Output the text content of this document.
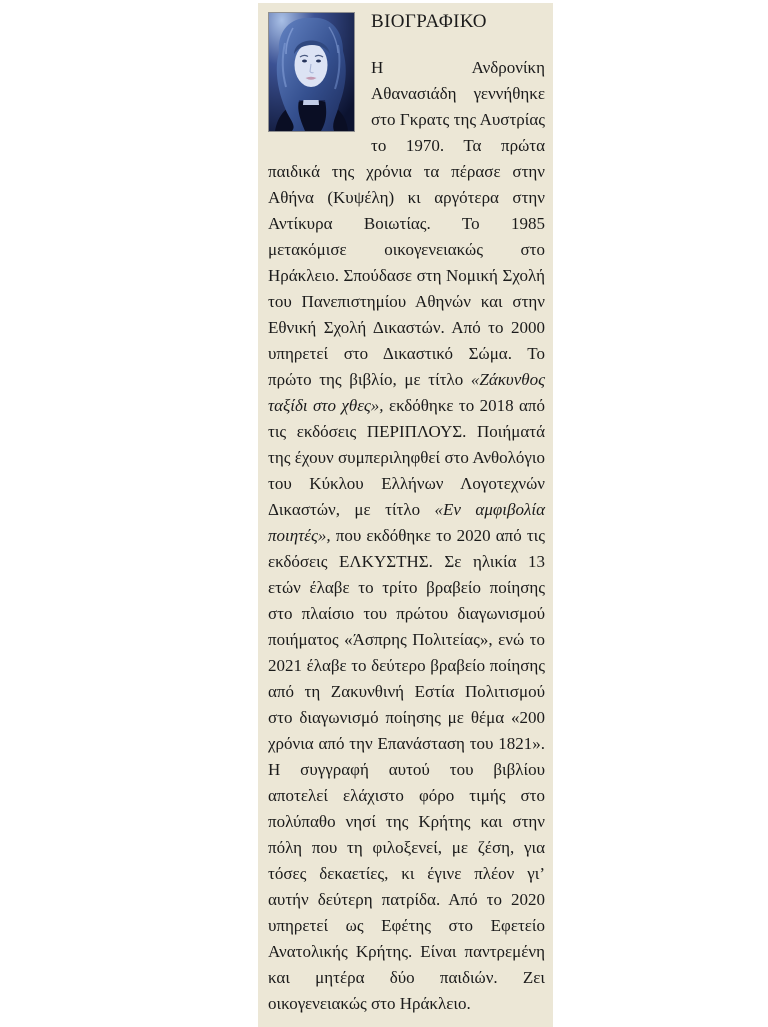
ΒΙΟΓΡΑΦΙΚΟ

Η Ανδρονίκη Αθανασιάδη γεννήθηκε στο Γκρατς της Αυστρίας το 1970. Τα πρώτα παιδικά της χρόνια τα πέρασε στην Αθήνα (Κυψέλη) κι αργότερα στην Αντίκυρα Βοιωτίας. Το 1985 μετακόμισε οικογενειακώς στο Ηράκλειο. Σπούδασε στη Νομική Σχολή του Πανεπιστημίου Αθηνών και στην Εθνική Σχολή Δικαστών. Από το 2000 υπηρετεί στο Δικαστικό Σώμα. Το πρώτο της βιβλίο, με τίτλο «Ζάκυνθος ταξίδι στο χθες», εκδόθηκε το 2018 από τις εκδόσεις ΠΕΡΙΠΛΟΥΣ. Ποιήματά της έχουν συμπεριληφθεί στο Ανθολόγιο του Κύκλου Ελλήνων Λογοτεχνών Δικαστών, με τίτλο «Εν αμφιβολία ποιητές», που εκδόθηκε το 2020 από τις εκδόσεις ΕΛΚΥΣΤΗΣ. Σε ηλικία 13 ετών έλαβε το τρίτο βραβείο ποίησης στο πλαίσιο του πρώτου διαγωνισμού ποιήματος «Άσπρης Πολιτείας», ενώ το 2021 έλαβε το δεύτερο βραβείο ποίησης από τη Ζακυνθινή Εστία Πολιτισμού στο διαγωνισμό ποίησης με θέμα «200 χρόνια από την Επανάσταση του 1821». Η συγγραφή αυτού του βιβλίου αποτελεί ελάχιστο φόρο τιμής στο πολύπαθο νησί της Κρήτης και στην πόλη που τη φιλοξενεί, με ζέση, για τόσες δεκαετίες, κι έγινε πλέον γι’ αυτήν δεύτερη πατρίδα. Από το 2020 υπηρετεί ως Εφέτης στο Εφετείο Ανατολικής Κρήτης. Είναι παντρεμένη και μητέρα δύο παιδιών. Ζει οικογενειακώς στο Ηράκλειο.
